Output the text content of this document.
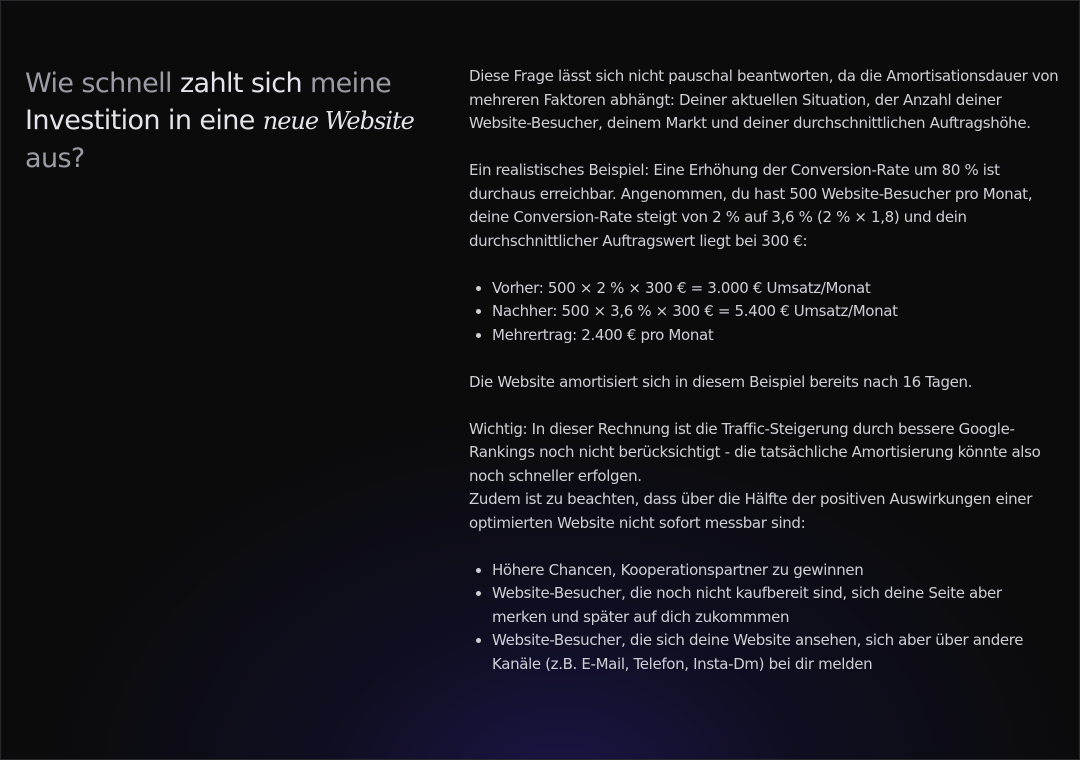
Wie schnell zahlt sich meine
Investition in eine neue Website aus?

Diese Frage lässt sich nicht pauschal beantworten, da die Amortisationsdauer von mehreren Faktoren abhängt: Deiner aktuellen Situation, der Anzahl deiner Website-Besucher, deinem Markt und deiner durchschnittlichen Auftragshöhe.

Ein realistisches Beispiel: Eine Erhöhung der Conversion-Rate um 80 % ist durchaus erreichbar. Angenommen, du hast 500 Website-Besucher pro Monat, deine Conversion-Rate steigt von 2 % auf 3,6 % (2 % × 1,8) und dein durchschnittlicher Auftragswert liegt bei 300 €:

• Vorher: 500 × 2 % × 300 € = 3.000 € Umsatz/Monat
• Nachher: 500 × 3,6 % × 300 € = 5.400 € Umsatz/Monat
• Mehrertrag: 2.400 € pro Monat

Die Website amortisiert sich in diesem Beispiel bereits nach 16 Tagen.

Wichtig: In dieser Rechnung ist die Traffic-Steigerung durch bessere Google-Rankings noch nicht berücksichtigt - die tatsächliche Amortisierung könnte also noch schneller erfolgen.

Zudem ist zu beachten, dass über die Hälfte der positiven Auswirkungen einer optimierten Website nicht sofort messbar sind:

• Höhere Chancen, Kooperationspartner zu gewinnen
• Website-Besucher, die noch nicht kaufbereit sind, sich deine Seite aber merken und später auf dich zukommmen
• Website-Besucher, die sich deine Website ansehen, sich aber über andere Kanäle (z.B. E-Mail, Telefon, Insta-Dm) bei dir melden
